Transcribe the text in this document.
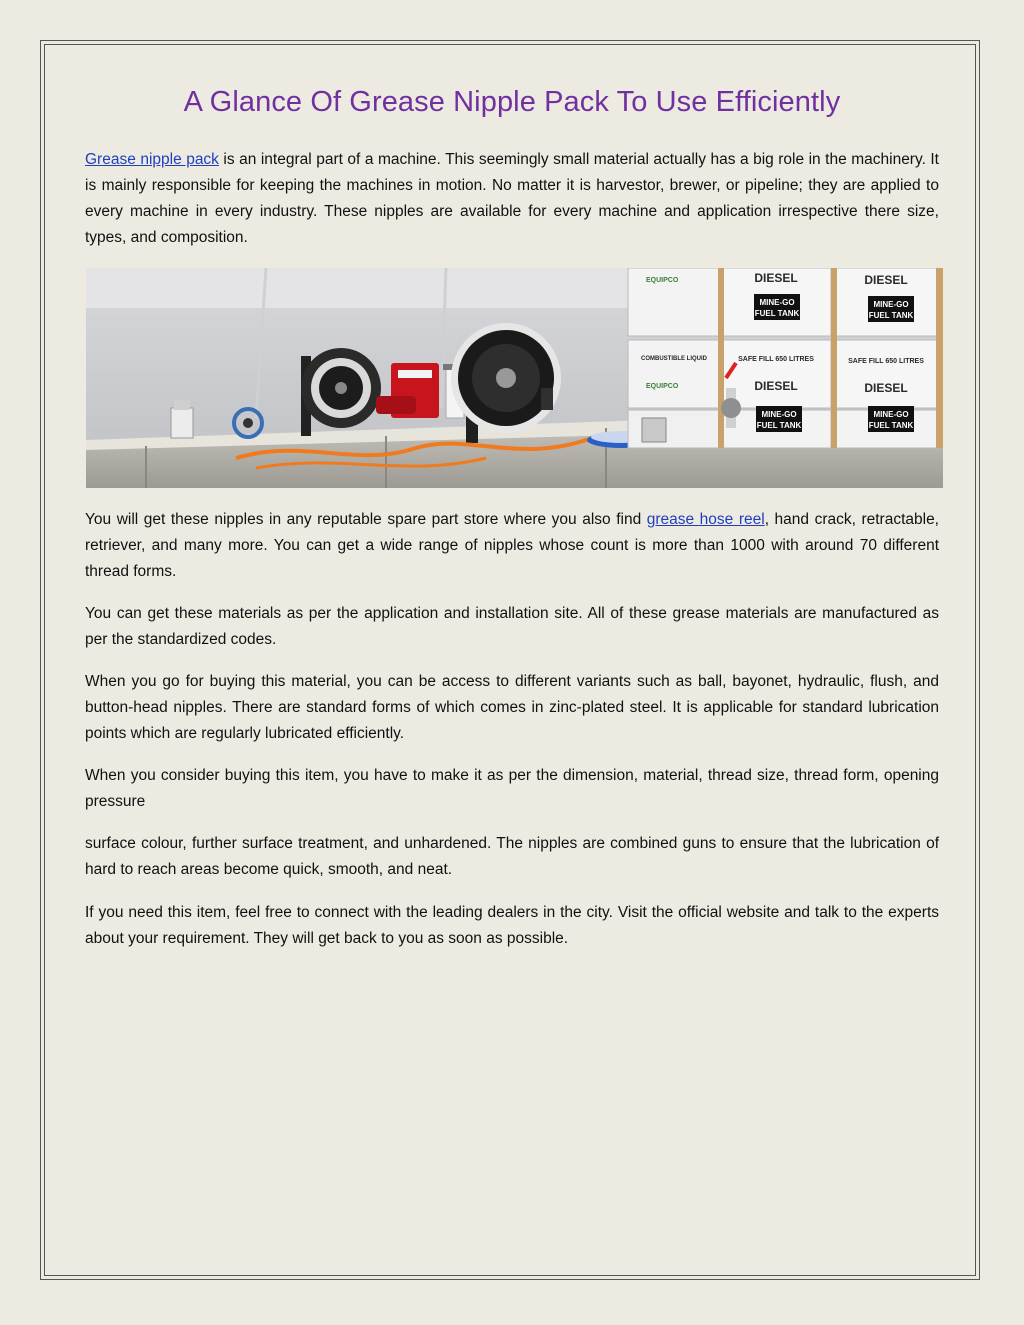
A Glance Of Grease Nipple Pack To Use Efficiently

Grease nipple pack is an integral part of a machine. This seemingly small material actually has a big role in the machinery. It is mainly responsible for keeping the machines in motion. No matter it is harvestor, brewer, or pipeline; they are applied to every machine in every industry. These nipples are available for every machine and application irrespective there size, types, and composition.

DIESEL	DIESEL
MINE-GO
FUEL TANK
MINE-GO
FUEL TANK
EQUIPCO
COMBUSTIBLE LIQUID	SAFE FILL 650 LITRES	SAFE FILL 650 LITRES
DIESEL	DIESEL
EQUIPCO
MINE-GO
FUEL TANK
MINE-GO
FUEL TANK

You will get these nipples in any reputable spare part store where you also find grease hose reel, hand crack, retractable, retriever, and many more. You can get a wide range of nipples whose count is more than 1000 with around 70 different thread forms.

You can get these materials as per the application and installation site. All of these grease materials are manufactured as per the standardized codes.

When you go for buying this material, you can be access to different variants such as ball, bayonet, hydraulic, flush, and button-head nipples. There are standard forms of which comes in zinc-plated steel. It is applicable for standard lubrication points which are regularly lubricated efficiently.

When you consider buying this item, you have to make it as per the dimension, material, thread size, thread form, opening pressure

surface colour, further surface treatment, and unhardened. The nipples are combined guns to ensure that the lubrication of hard to reach areas become quick, smooth, and neat.

If you need this item, feel free to connect with the leading dealers in the city. Visit the official website and talk to the experts about your requirement. They will get back to you as soon as possible.
